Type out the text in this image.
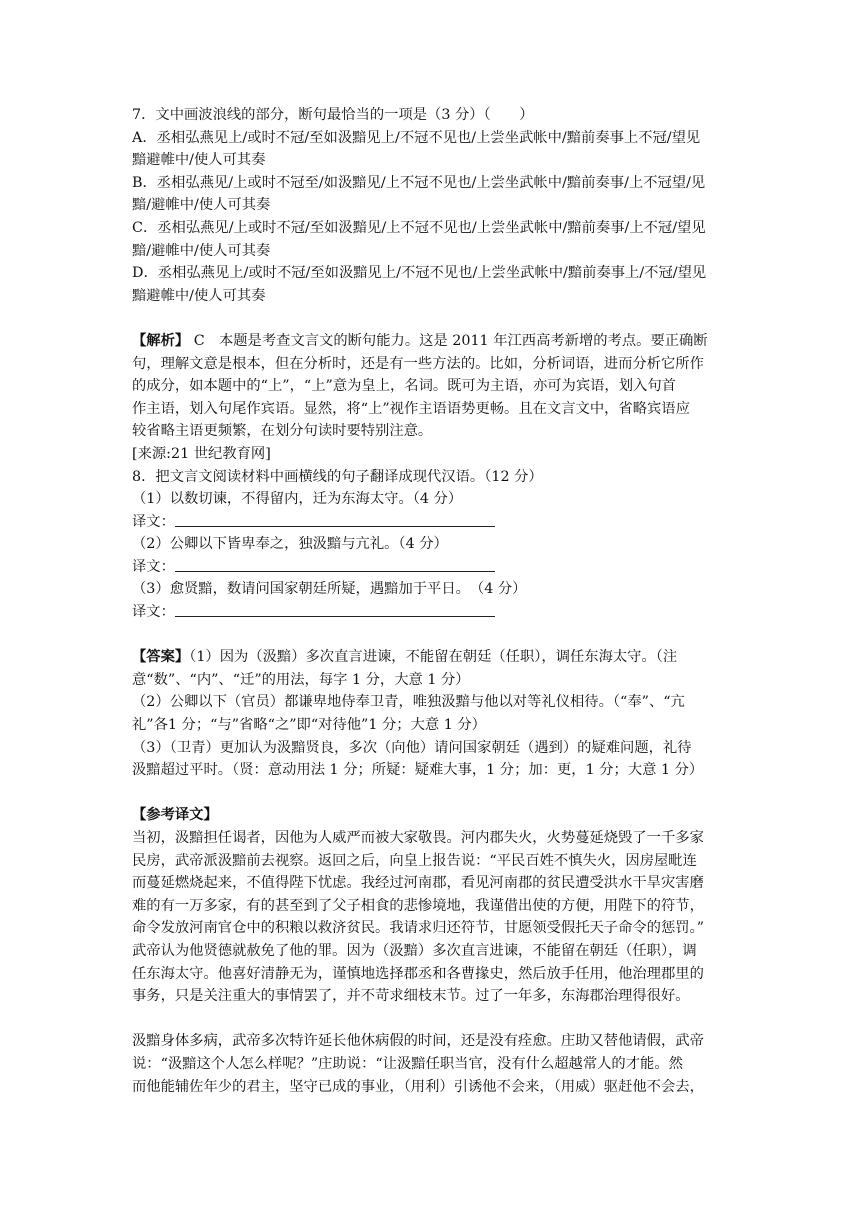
7．文中画波浪线的部分，断句最恰当的一项是（3 分）（　　）
A．丞相弘燕见上/或时不冠/至如汲黯见上/不冠不见也/上尝坐武帐中/黯前奏事上不冠/望见
黯避帷中/使人可其奏
B．丞相弘燕见/上或时不冠至/如汲黯见/上不冠不见也/上尝坐武帐中/黯前奏事/上不冠望/见
黯/避帷中/使人可其奏
C．丞相弘燕见/上或时不冠/至如汲黯见/上不冠不见也/上尝坐武帐中/黯前奏事/上不冠/望见
黯/避帷中/使人可其奏
D．丞相弘燕见上/或时不冠/至如汲黯见上/不冠不见也/上尝坐武帐中/黯前奏事上/不冠/望见
黯避帷中/使人可其奏
【解析】 C　本题是考查文言文的断句能力。这是 2011 年江西高考新增的考点。要正确断
句，理解文意是根本，但在分析时，还是有一些方法的。比如，分析词语，进而分析它所作
的成分，如本题中的“上”，“上”意为皇上，名词。既可为主语，亦可为宾语，划入句首
作主语，划入句尾作宾语。显然，将“上”视作主语语势更畅。且在文言文中，省略宾语应
较省略主语更频繁，在划分句读时要特别注意。
[来源:21 世纪教育网]
8．把文言文阅读材料中画横线的句子翻译成现代汉语。（12 分）
（1）以数切谏，不得留内，迁为东海太守。（4 分）
译文：
（2）公卿以下皆卑奉之，独汲黯与亢礼。（4 分）
译文：
（3）愈贤黯，数请问国家朝廷所疑，遇黯加于平日。　（4 分）
译文：
【答案】（1）因为（汲黯）多次直言进谏，不能留在朝廷（任职），调任东海太守。（注
意“数”、“内”、“迁”的用法，每字 1 分，大意 1 分）
（2）公卿以下（官员）都谦卑地侍奉卫青，唯独汲黯与他以对等礼仪相待。（“奉”、“亢
礼”各1 分；“与”省略“之”即“对待他”1 分；大意 1 分）
（3）（卫青）更加认为汲黯贤良，多次（向他）请问国家朝廷（遇到）的疑难问题，礼待
汲黯超过平时。（贤：意动用法 1 分；所疑：疑难大事，1 分；加：更，1 分；大意 1 分）
【参考译文】
当初，汲黯担任谒者，因他为人威严而被大家敬畏。河内郡失火，火势蔓延烧毁了一千多家
民房，武帝派汲黯前去视察。返回之后，向皇上报告说：“平民百姓不慎失火，因房屋毗连
而蔓延燃烧起来，不值得陛下忧虑。我经过河南郡，看见河南郡的贫民遭受洪水干旱灾害磨
难的有一万多家，有的甚至到了父子相食的悲惨境地，我谨借出使的方便，用陛下的符节，
命令发放河南官仓中的积粮以救济贫民。我请求归还符节，甘愿领受假托天子命令的惩罚。”
武帝认为他贤德就赦免了他的罪。因为（汲黯）多次直言进谏，不能留在朝廷（任职），调
任东海太守。他喜好清静无为，谨慎地选择郡丞和各曹掾史，然后放手任用，他治理郡里的
事务，只是关注重大的事情罢了，并不苛求细枝末节。过了一年多，东海郡治理得很好。
汲黯身体多病，武帝多次特许延长他休病假的时间，还是没有痊愈。庄助又替他请假，武帝
说：“汲黯这个人怎么样呢？”庄助说：“让汲黯任职当官，没有什么超越常人的才能。然
而他能辅佐年少的君主，坚守已成的事业，（用利）引诱他不会来，（用威）驱赶他不会去，
